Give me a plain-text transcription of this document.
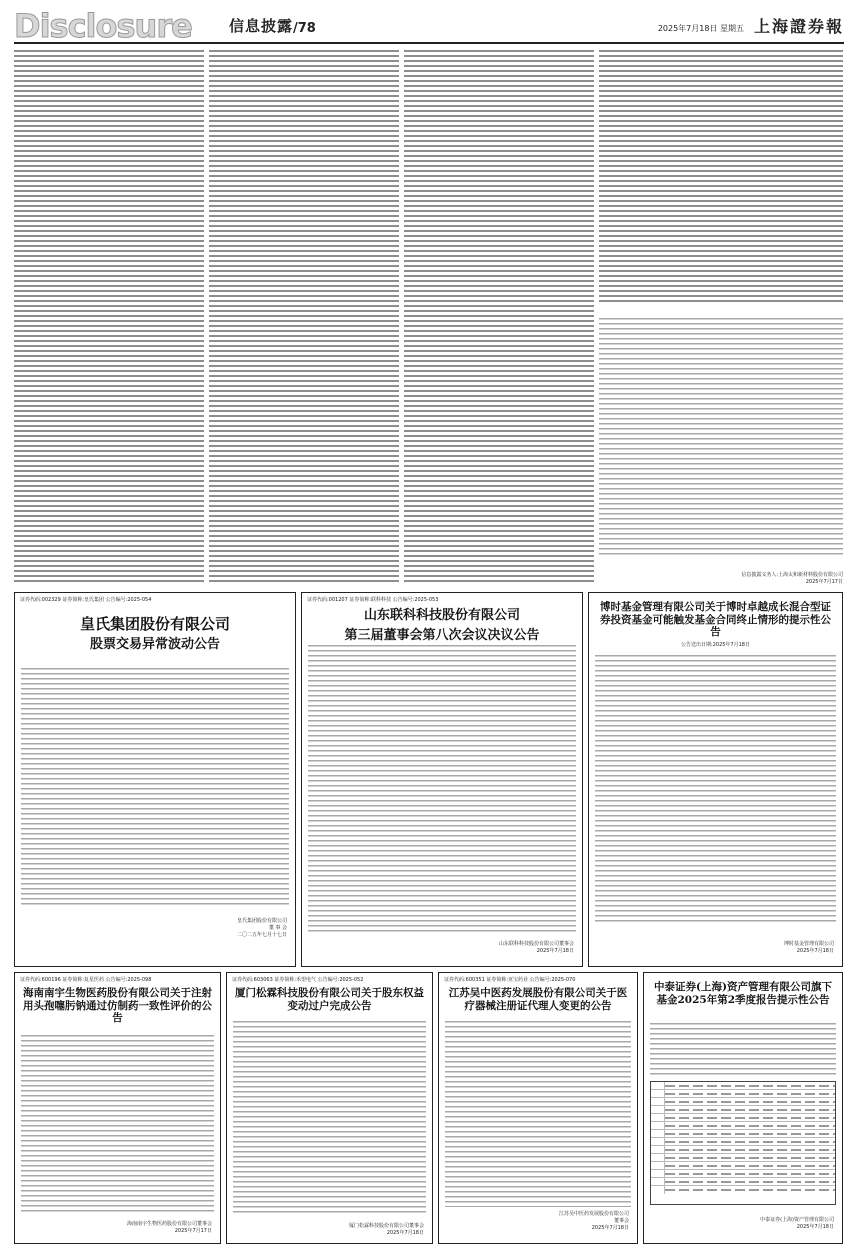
Disclosure	信息披露 /78	2025年7月18日 星期五 上海證券報
信息披露义务人:上海太和新材料股份有限公司
2025年7月17日
证券代码:002329 证券简称:皇氏集团 公告编号:2025-054
皇氏集团股份有限公司
股票交易异常波动公告
皇氏集团股份有限公司
董 事 会
二〇二五年七月十七日
证券代码:001207 证券简称:联科科技 公告编号:2025-053
山东联科科技股份有限公司
第三届董事会第八次会议决议公告
山东联科科技股份有限公司董事会
2025年7月18日
博时基金管理有限公司关于博时卓越成长混合型证券投资基金可能触发基金合同终止情形的提示性公告
公告送出日期:2025年7月18日
博时基金管理有限公司
2025年7月18日
证券代码:600196 证券简称:复星医药 公告编号:2025-098
海南南宇生物医药股份有限公司关于注射用头孢噻肟钠通过仿制药一致性评价的公告
海南南宇生物医药股份有限公司董事会
2025年7月17日
证券代码:603063 证券简称:禾望电气 公告编号:2025-052
厦门松霖科技股份有限公司关于股东权益变动过户完成公告
厦门松霖科技股份有限公司董事会
2025年7月18日
证券代码:600351 证券简称:亚宝药业 公告编号:2025-070
江苏吴中医药发展股份有限公司关于医疗器械注册证代理人变更的公告
江苏吴中医药发展股份有限公司
董事会
2025年7月18日
中泰证券(上海)资产管理有限公司旗下基金2025年第2季度报告提示性公告
中泰证券(上海)资产管理有限公司
2025年7月18日
